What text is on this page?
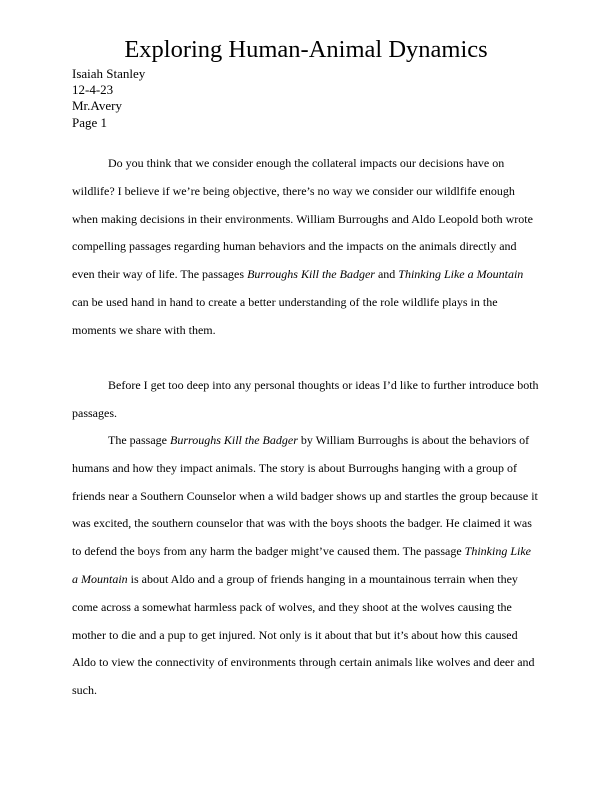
Exploring Human-Animal Dynamics
Isaiah Stanley
12-4-23
Mr.Avery
Page 1
Do you think that we consider enough the collateral impacts our decisions have on
wildlife? I believe if we’re being objective, there’s no way we consider our wildlfife enough
when making decisions in their environments. William Burroughs and Aldo Leopold both wrote
compelling passages regarding human behaviors and the impacts on the animals directly and
even their way of life. The passages Burroughs Kill the Badger and Thinking Like a Mountain
can be used hand in hand to create a better understanding of the role wildlife plays in the
moments we share with them.
Before I get too deep into any personal thoughts or ideas I’d like to further introduce both
passages.
The passage Burroughs Kill the Badger by William Burroughs is about the behaviors of
humans and how they impact animals. The story is about Burroughs hanging with a group of
friends near a Southern Counselor when a wild badger shows up and startles the group because it
was excited, the southern counselor that was with the boys shoots the badger. He claimed it was
to defend the boys from any harm the badger might’ve caused them. The passage Thinking Like
a Mountain is about Aldo and a group of friends hanging in a mountainous terrain when they
come across a somewhat harmless pack of wolves, and they shoot at the wolves causing the
mother to die and a pup to get injured. Not only is it about that but it’s about how this caused
Aldo to view the connectivity of environments through certain animals like wolves and deer and
such.
